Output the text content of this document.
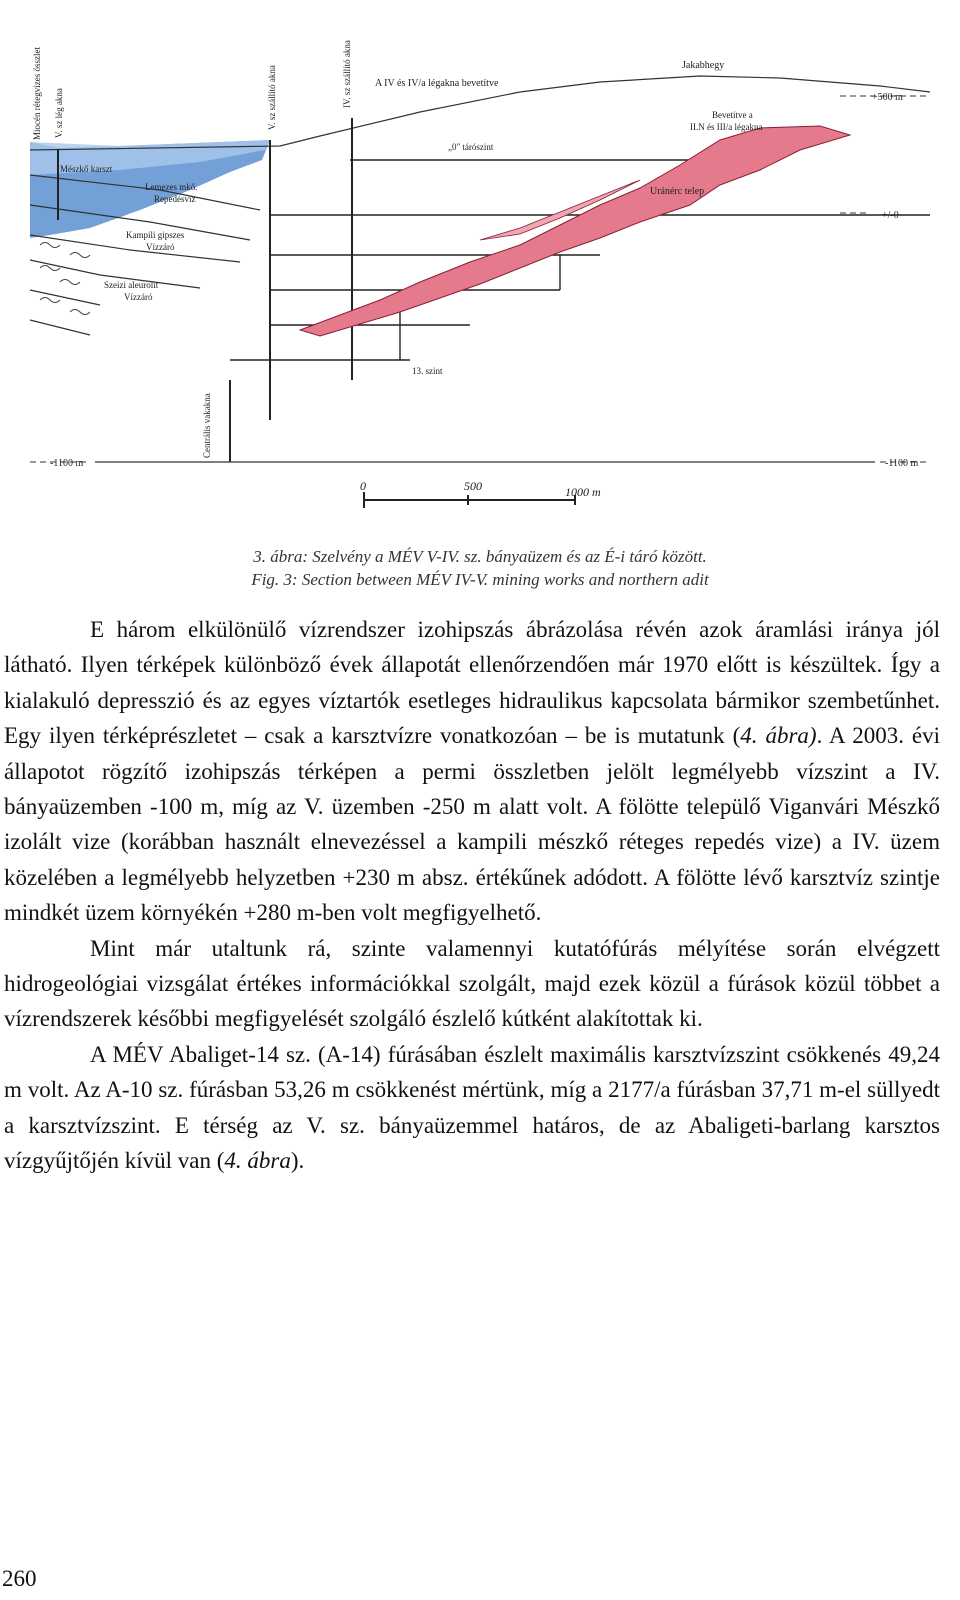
Miocén rétegvizes összlet V. sz lég akna	V. sz szállító akna	IV. sz szállító akna A IV és IV/a légakna bevetítve
Jakabhegy
+500 m
Bevetítve a
II.N és III/a légakna
„0" tárószint
Mészkő karszt
Lemezes mkő.
Repedésvíz
Kampili gipszes
Vízzáró
Szeizi aleurolit
Vízzáró
Uránérc telep
+/-0
13. szint
Centrális vakakna
-1100 m	-1100 m
0	500	1000 m
3. ábra: Szelvény a MÉV V-IV. sz. bányaüzem és az É-i táró között.
Fig. 3: Section between MÉV IV-V. mining works and northern adit

E három elkülönülő vízrendszer izohipszás ábrázolása révén azok áramlási iránya jól látható. Ilyen térképek különböző évek állapotát ellenőrzendően már 1970 előtt is készültek. Így a kialakuló depresszió és az egyes víztartók esetleges hidraulikus kapcsolata bármikor szembetűnhet. Egy ilyen térképrészletet – csak a karsztvízre vonatkozóan – be is mutatunk (4. ábra). A 2003. évi állapotot rögzítő izohipszás térképen a permi összletben jelölt legmélyebb vízszint a IV. bányaüzemben -100 m, míg az V. üzemben -250 m alatt volt. A fölötte települő Viganvári Mészkő izolált vize (korábban használt elnevezéssel a kampili mészkő réteges repedés vize) a IV. üzem közelében a legmélyebb helyzetben +230 m absz. értékűnek adódott. A fölötte lévő karsztvíz szintje mindkét üzem környékén +280 m-ben volt megfigyelhető.

Mint már utaltunk rá, szinte valamennyi kutatófúrás mélyítése során elvégzett hidrogeológiai vizsgálat értékes információkkal szolgált, majd ezek közül a fúrások közül többet a vízrendszerek későbbi megfigyelését szolgáló észlelő kútként alakítottak ki.

A MÉV Abaliget-14 sz. (A-14) fúrásában észlelt maximális karsztvízszint csökkenés 49,24 m volt. Az A-10 sz. fúrásban 53,26 m csökkenést mértünk, míg a 2177/a fúrásban 37,71 m-el süllyedt a karsztvízszint. E térség az V. sz. bányaüzemmel határos, de az Abaligeti-barlang karsztos vízgyűjtőjén kívül van (4. ábra).

260
